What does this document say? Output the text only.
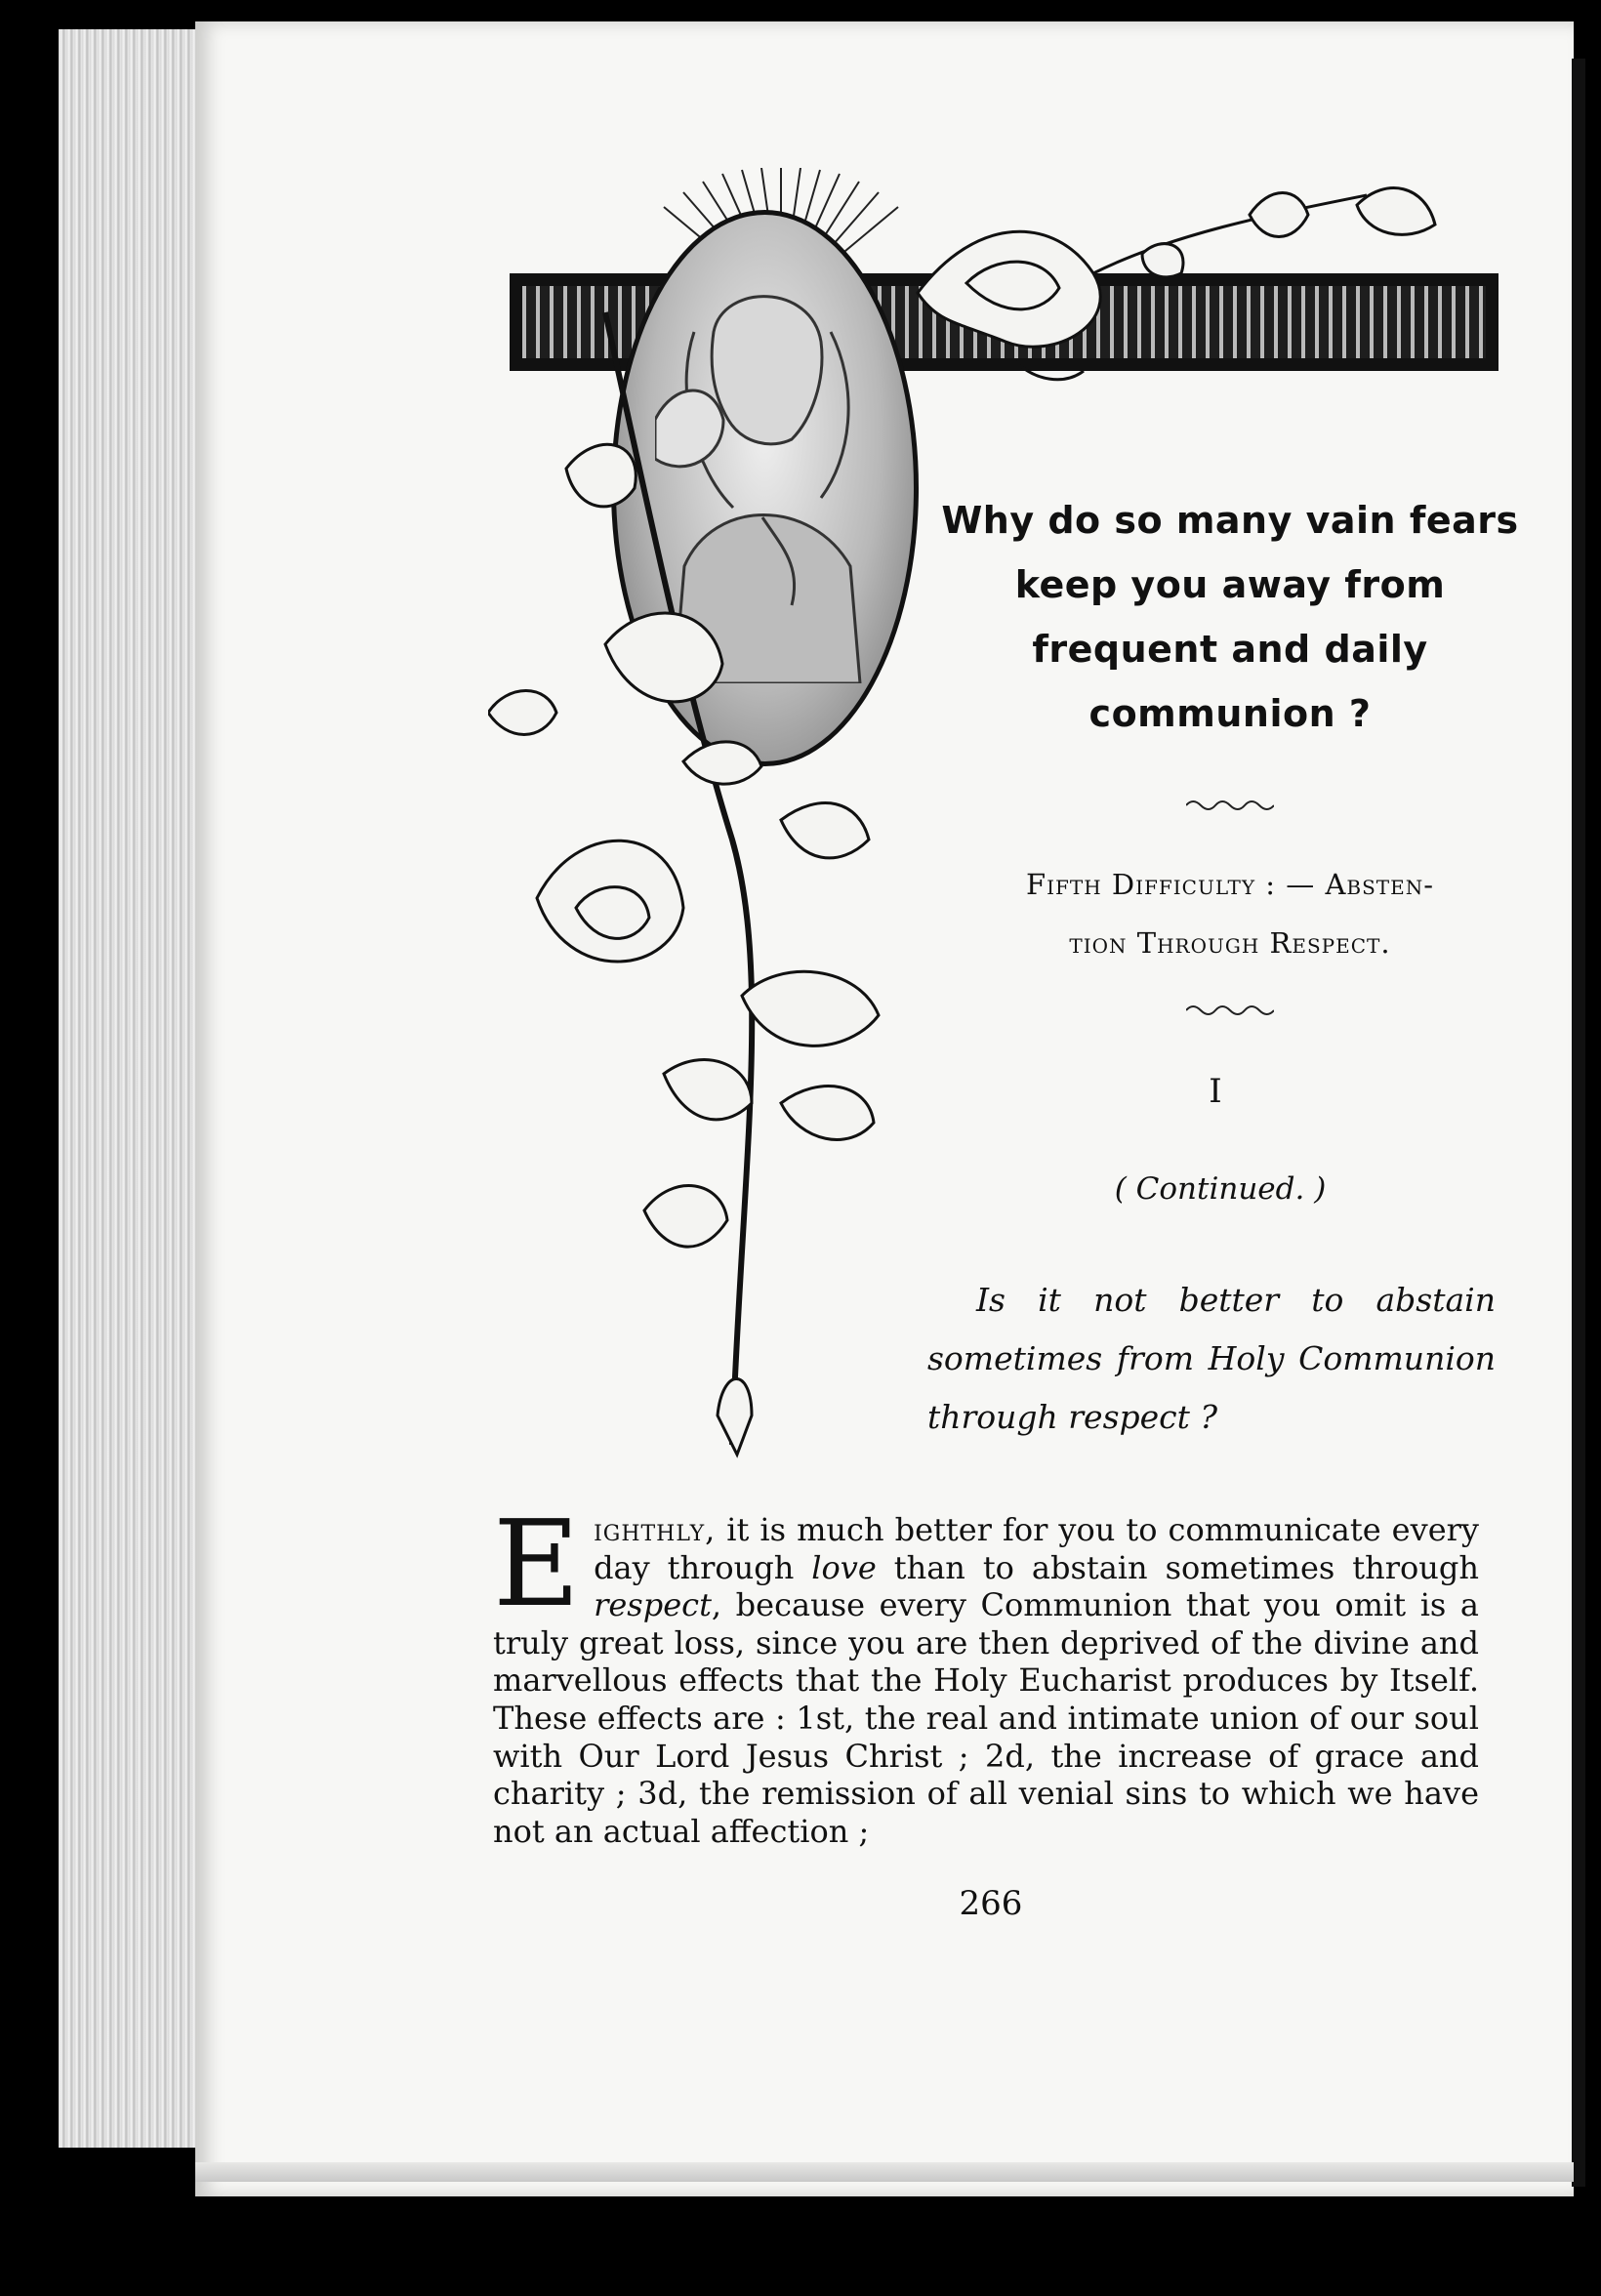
Why do so many vain fears
keep you away from
frequent and daily
communion ?
Fifth Difficulty : — Absten-
tion Through Respect.
I
( Continued. )
Is it not better to abstain sometimes from Holy Communion through respect ?
Eighthly, it is much better for you to communicate every day through love than to abstain sometimes through respect, because every Communion that you omit is a truly great loss, since you are then deprived of the divine and marvellous effects that the Holy Eucharist produces by Itself. These effects are : 1st, the real and intimate union of our soul with Our Lord Jesus Christ ; 2d, the increase of grace and charity ; 3d, the remission of all venial sins to which we have not an actual affection ;
266
